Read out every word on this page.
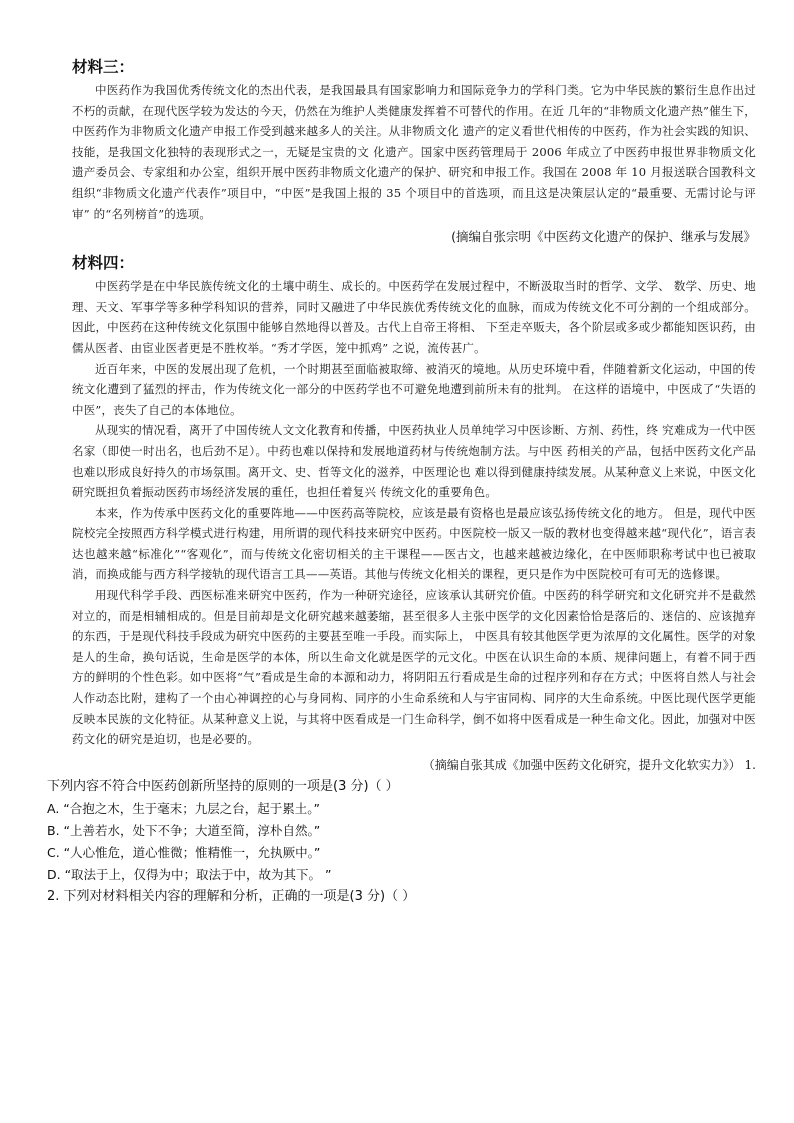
材料三：

中医药作为我国优秀传统文化的杰出代表，是我国最具有国家影响力和国际竞争力的学科门类。它为中华民族的繁衍生息作出过不朽的贡献，在现代医学较为发达的今天，仍然在为维护人类健康发挥着不可替代的作用。在近 几年的“非物质文化遗产热”催生下，中医药作为非物质文化遗产申报工作受到越来越多人的关注。从非物质文化 遗产的定义看世代相传的中医药，作为社会实践的知识、技能，是我国文化独特的表现形式之一，无疑是宝贵的文 化遗产。国家中医药管理局于 2006 年成立了中医药申报世界非物质文化遗产委员会、专家组和办公室，组织开展中医药非物质文化遗产的保护、研究和申报工作。我国在 2008 年 10 月报送联合国教科文组织“非物质文化遗产代表作”项目中，“中医”是我国上报的 35 个项目中的首选项，而且这是决策层认定的“最重要、无需讨论与评审” 的“名列榜首”的选项。

(摘编自张宗明《中医药文化遗产的保护、继承与发展》

材料四：

中医药学是在中华民族传统文化的土壤中萌生、成长的。中医药学在发展过程中，不断汲取当时的哲学、文学、 数学、历史、地理、天文、军事学等多种学科知识的营养，同时又融进了中华民族优秀传统文化的血脉，而成为传统文化不可分割的一个组成部分。因此，中医药在这种传统文化氛围中能够自然地得以普及。古代上自帝王将相、 下至走卒贩夫，各个阶层或多或少都能知医识药，由儒从医者、由宦业医者更是不胜枚举。“秀才学医，笼中抓鸡” 之说，流传甚广。

近百年来，中医的发展出现了危机，一个时期甚至面临被取缔、被消灭的境地。从历史环境中看，伴随着新文化运动，中国的传统文化遭到了猛烈的抨击，作为传统文化一部分的中医药学也不可避免地遭到前所未有的批判。 在这样的语境中，中医成了“失语的中医”，丧失了自己的本体地位。

从现实的情况看，离开了中国传统人文文化教育和传播，中医药执业人员单纯学习中医诊断、方剂、药性，终 究难成为一代中医名家（即使一时出名，也后劲不足）。中药也难以保持和发展地道药材与传统炮制方法。与中医 药相关的产品，包括中医药文化产品也难以形成良好持久的市场氛围。离开文、史、哲等文化的滋养，中医理论也 难以得到健康持续发展。从某种意义上来说，中医文化研究既担负着振动医药市场经济发展的重任，也担任着复兴 传统文化的重要角色。

本来，作为传承中医药文化的重要阵地——中医药高等院校，应该是最有资格也是最应该弘扬传统文化的地方。 但是，现代中医院校完全按照西方科学模式进行构建，用所谓的现代科技来研究中医药。中医院校一版又一版的教材也变得越来越“现代化”，语言表达也越来越“标准化”“客观化”，而与传统文化密切相关的主干课程——医古文，也越来越被边缘化，在中医师职称考试中也已被取消，而换成能与西方科学接轨的现代语言工具——英语。其他与传统文化相关的课程，更只是作为中医院校可有可无的选修课。

用现代科学手段、西医标准来研究中医药，作为一种研究途径，应该承认其研究价值。中医药的科学研究和文化研究并不是截然对立的，而是相辅相成的。但是目前却是文化研究越来越萎缩，甚至很多人主张中医学的文化因素恰恰是落后的、迷信的、应该抛弃的东西，于是现代科技手段成为研究中医药的主要甚至唯一手段。而实际上， 中医具有较其他医学更为浓厚的文化属性。医学的对象是人的生命，换句话说，生命是医学的本体，所以生命文化就是医学的元文化。中医在认识生命的本质、规律问题上，有着不同于西方的鲜明的个性色彩。如中医将“气”看成是生命的本源和动力，将阴阳五行看成是生命的过程序列和存在方式；中医将自然人与社会人作动态比附，建构了一个由心神调控的心与身同构、同序的小生命系统和人与宇宙同构、同序的大生命系统。中医比现代医学更能反映本民族的文化特征。从某种意义上说，与其将中医看成是一门生命科学，倒不如将中医看成是一种生命文化。因此，加强对中医药文化的研究是迫切，也是必要的。

（摘编自张其成《加强中医药文化研究，提升文化软实力》） 1.

下列内容不符合中医药创新所坚持的原则的一项是(3 分)（ ）

A. “合抱之木，生于毫末；九层之台，起于累土。”

B. “上善若水，处下不争；大道至简，淳朴自然。”

C. “人心惟危，道心惟微；惟精惟一，允执厥中。”

D. “取法于上，仅得为中；取法于中，故为其下。 ”

2. 下列对材料相关内容的理解和分析，正确的一项是(3 分)（ ）
